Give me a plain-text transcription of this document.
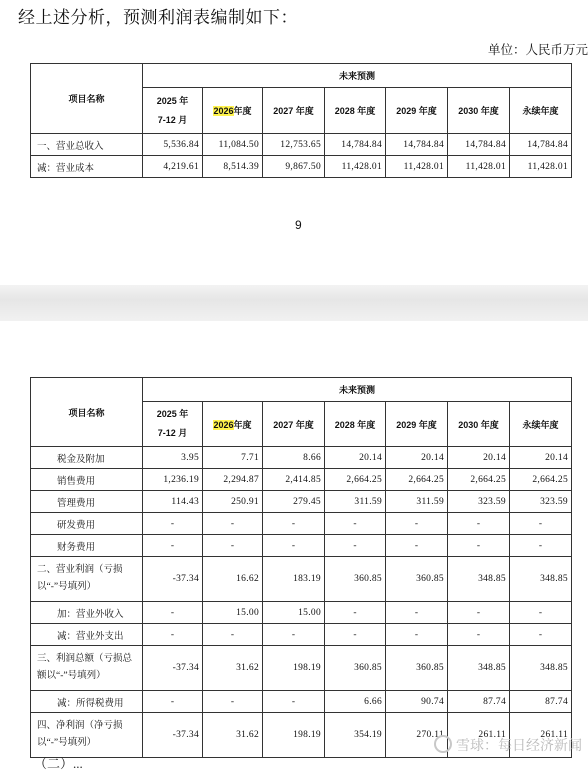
经上述分析，预测利润表编制如下：
单位：人民币万元
项目名称	未来预测						
	2025 年
7-12 月	2026年度	2027 年度	2028 年度	2029 年度	2030 年度	永续年度
一、营业总收入	5,536.84	11,084.50	12,753.65	14,784.84	14,784.84	14,784.84	14,784.84
减：营业成本	4,219.61	8,514.39	9,867.50	11,428.01	11,428.01	11,428.01	11,428.01
9
项目名称	未来预测						
	2025 年
7-12 月	2026年度	2027 年度	2028 年度	2029 年度	2030 年度	永续年度
税金及附加	3.95	7.71	8.66	20.14	20.14	20.14	20.14
销售费用	1,236.19	2,294.87	2,414.85	2,664.25	2,664.25	2,664.25	2,664.25
管理费用	114.43	250.91	279.45	311.59	311.59	323.59	323.59
研发费用	-	-	-	-	-	-	-
财务费用	-	-	-	-	-	-	-
二、营业利润（亏损以“-”号填列）	-37.34	16.62	183.19	360.85	360.85	348.85	348.85
加：营业外收入	-	15.00	15.00	-	-	-	-
减：营业外支出	-	-	-	-	-	-	-
三、利润总额（亏损总额以“-”号填列）	-37.34	31.62	198.19	360.85	360.85	348.85	348.85
减：所得税费用	-	-	-	6.66	90.74	87.74	87.74
四、净利润（净亏损以“-”号填列）	-37.34	31.62	198.19	354.19	270.11	261.11	261.11
（二）...
雪球：每日经济新闻
